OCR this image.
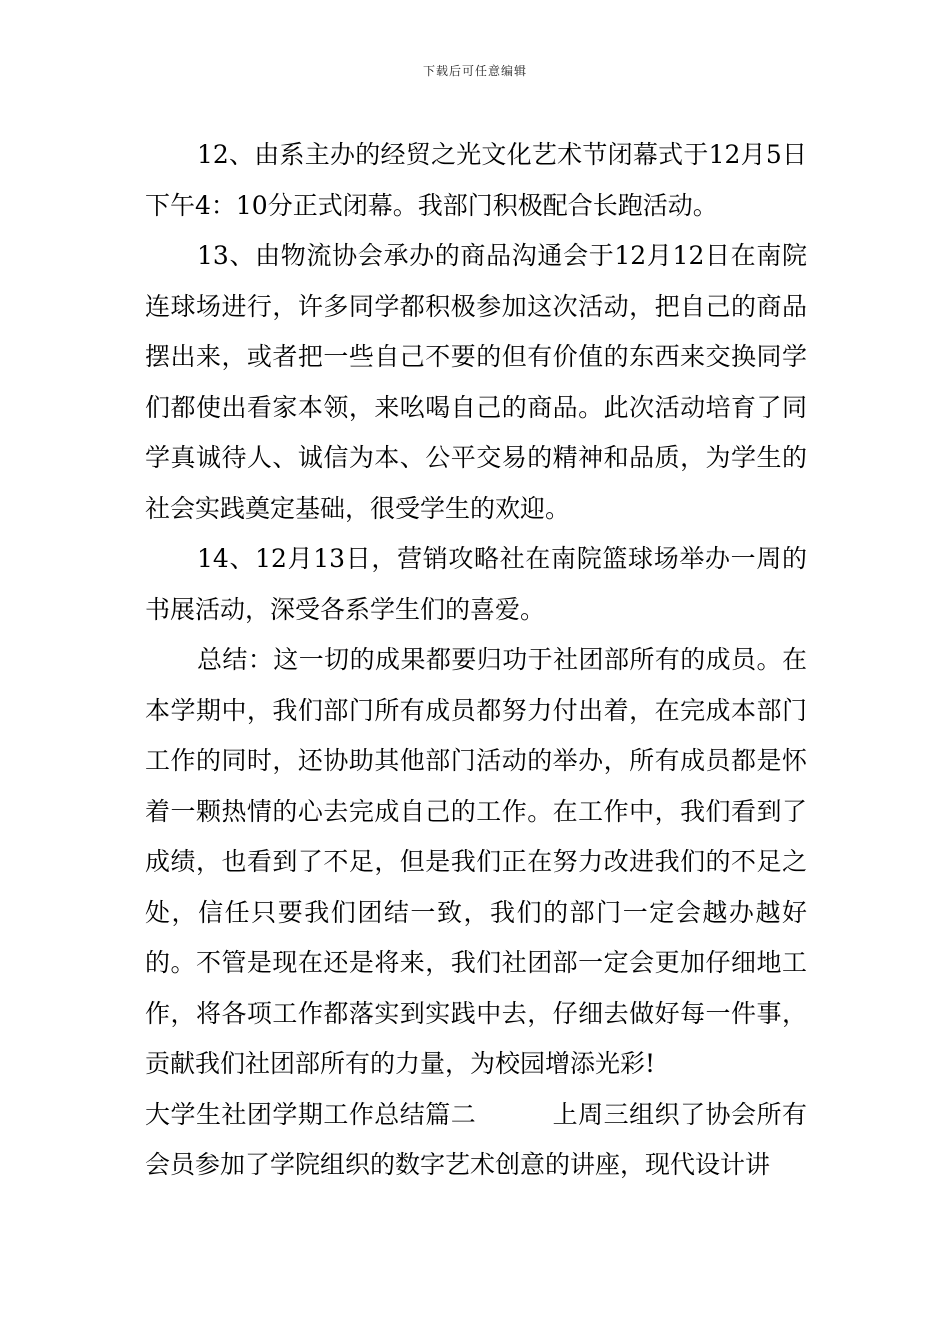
下载后可任意编辑

12、由系主办的经贸之光文化艺术节闭幕式于12月5日下午4：10分正式闭幕。我部门积极配合长跑活动。

13、由物流协会承办的商品沟通会于12月12日在南院连球场进行，许多同学都积极参加这次活动，把自己的商品摆出来，或者把一些自己不要的但有价值的东西来交换同学们都使出看家本领，来吆喝自己的商品。此次活动培育了同学真诚待人、诚信为本、公平交易的精神和品质，为学生的社会实践奠定基础，很受学生的欢迎。

14、12月13日，营销攻略社在南院篮球场举办一周的书展活动，深受各系学生们的喜爱。

总结：这一切的成果都要归功于社团部所有的成员。在本学期中，我们部门所有成员都努力付出着，在完成本部门工作的同时，还协助其他部门活动的举办，所有成员都是怀着一颗热情的心去完成自己的工作。在工作中，我们看到了成绩，也看到了不足，但是我们正在努力改进我们的不足之处，信任只要我们团结一致，我们的部门一定会越办越好的。不管是现在还是将来，我们社团部一定会更加仔细地工作，将各项工作都落实到实践中去，仔细去做好每一件事，贡献我们社团部所有的力量，为校园增添光彩!

大学生社团学期工作总结篇二	上周三组织了协会所有会员参加了学院组织的数字艺术创意的讲座，现代设计讲
